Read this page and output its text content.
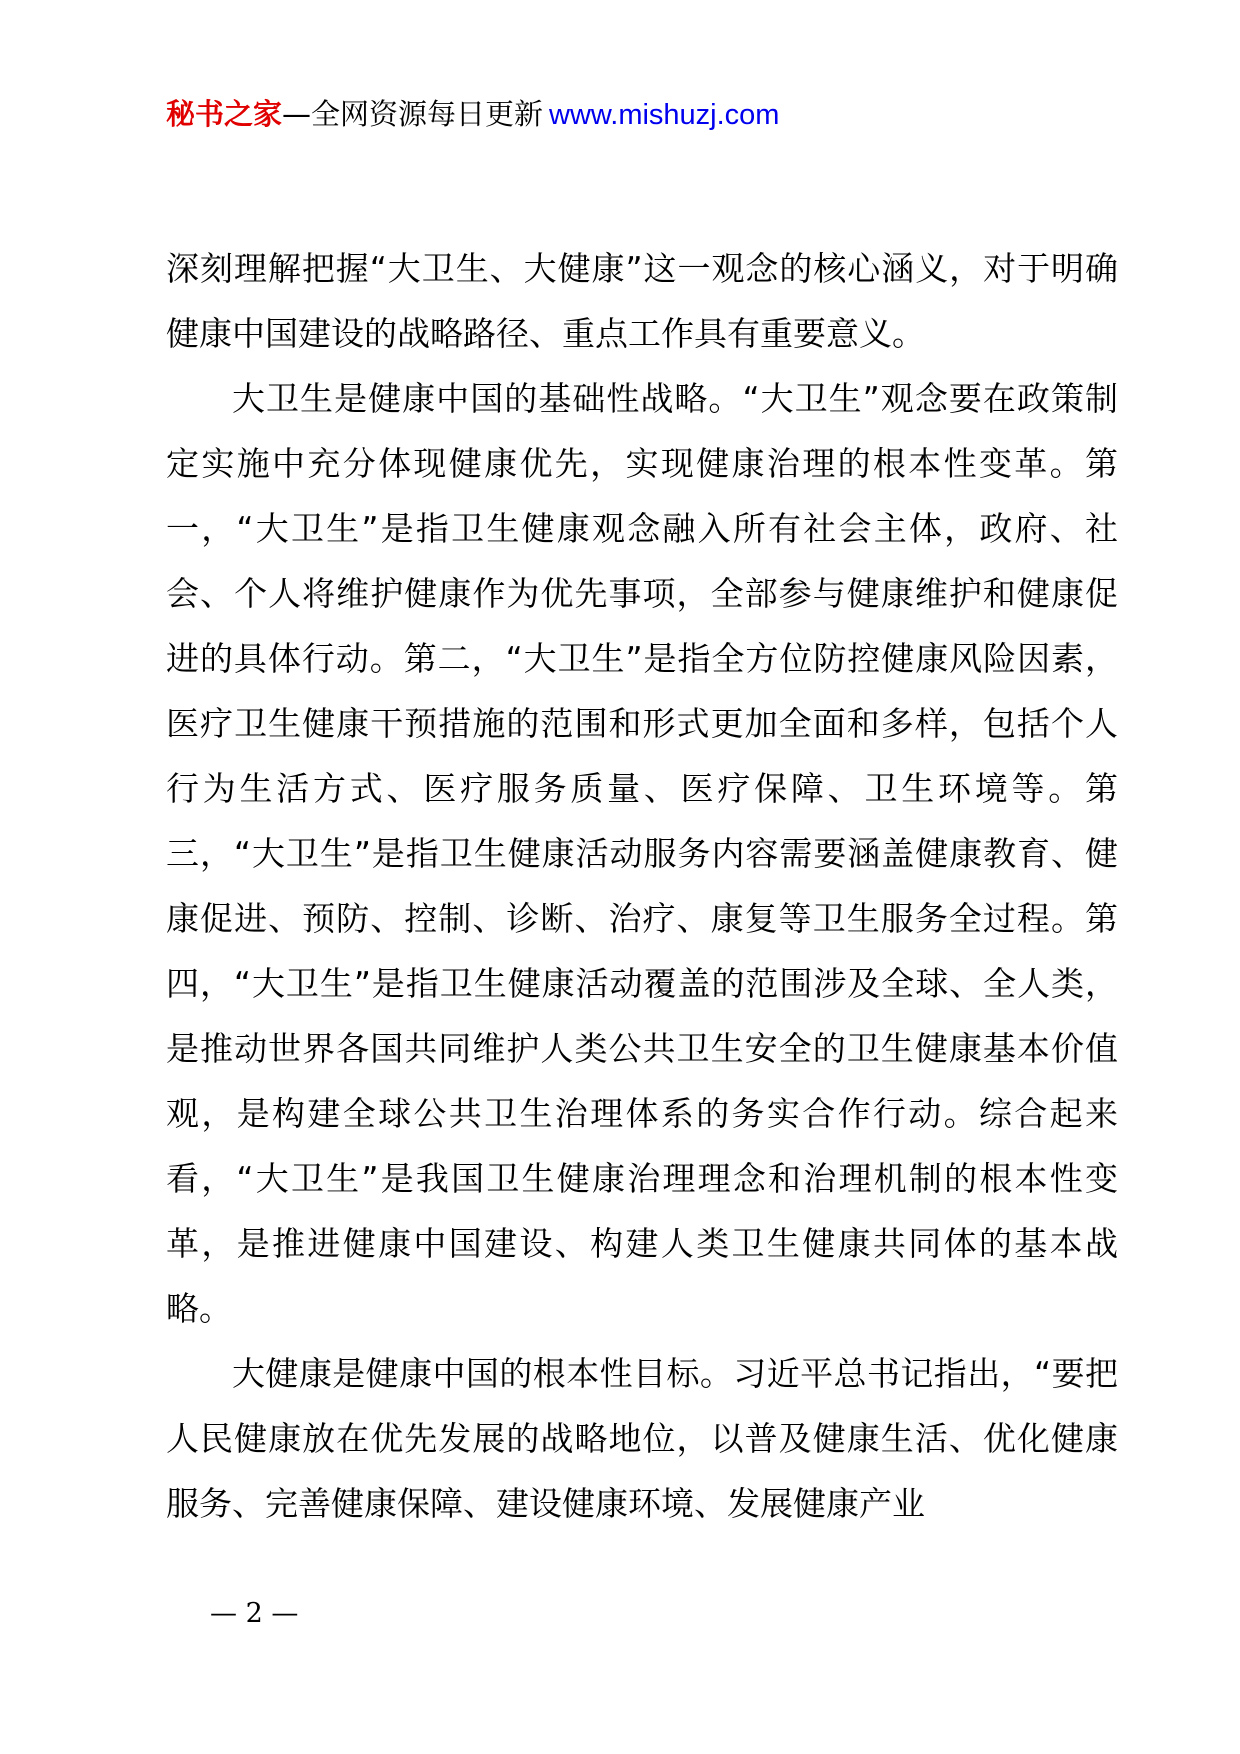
秘书之家—全网资源每日更新 www.mishuzj.com

深刻理解把握“大卫生、大健康”这一观念的核心涵义，对于明确健康中国建设的战略路径、重点工作具有重要意义。

大卫生是健康中国的基础性战略。“大卫生”观念要在政策制定实施中充分体现健康优先，实现健康治理的根本性变革。第一，“大卫生”是指卫生健康观念融入所有社会主体，政府、社会、个人将维护健康作为优先事项，全部参与健康维护和健康促进的具体行动。第二，“大卫生”是指全方位防控健康风险因素，医疗卫生健康干预措施的范围和形式更加全面和多样，包括个人行为生活方式、医疗服务质量、医疗保障、卫生环境等。第三，“大卫生”是指卫生健康活动服务内容需要涵盖健康教育、健康促进、预防、控制、诊断、治疗、康复等卫生服务全过程。第四，“大卫生”是指卫生健康活动覆盖的范围涉及全球、全人类，是推动世界各国共同维护人类公共卫生安全的卫生健康基本价值观，是构建全球公共卫生治理体系的务实合作行动。综合起来看，“大卫生”是我国卫生健康治理理念和治理机制的根本性变革，是推进健康中国建设、构建人类卫生健康共同体的基本战略。

大健康是健康中国的根本性目标。习近平总书记指出，“要把人民健康放在优先发展的战略地位，以普及健康生活、优化健康服务、完善健康保障、建设健康环境、发展健康产业

— 2 —
